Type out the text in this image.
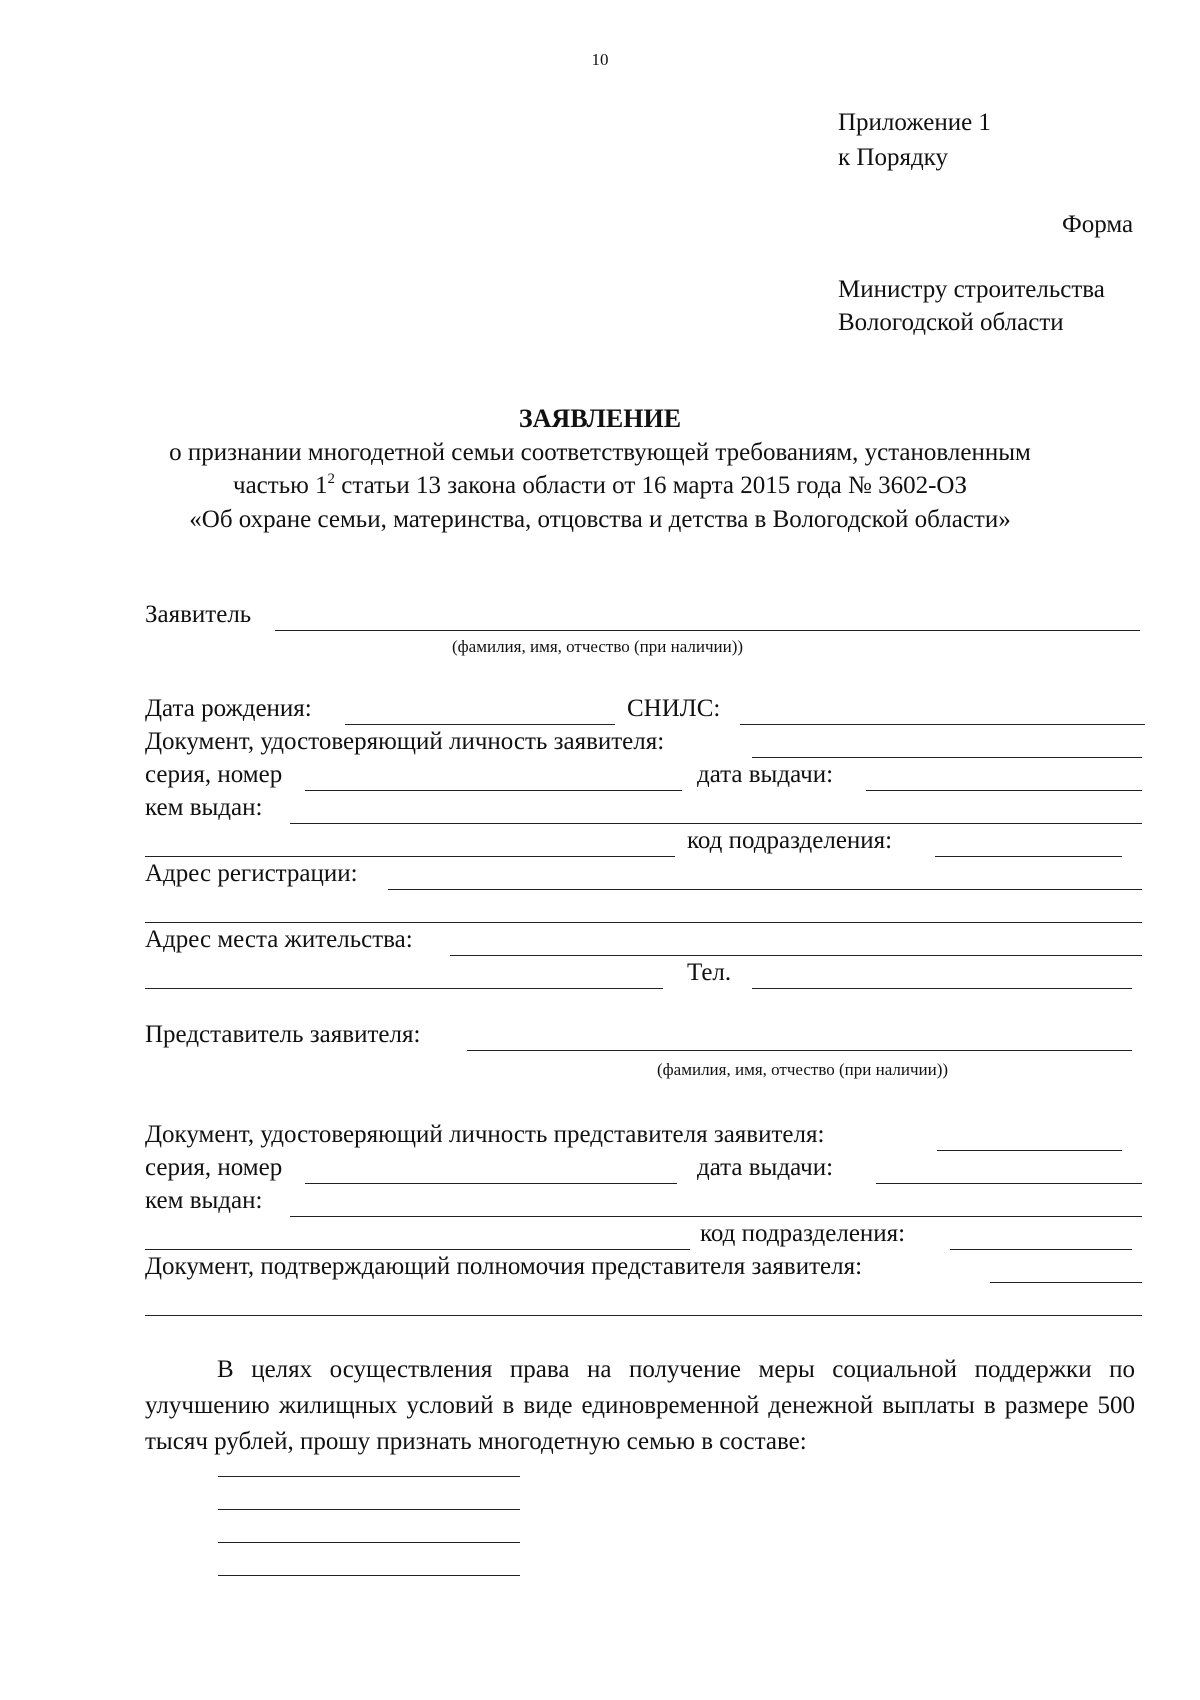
10
Приложение 1
к Порядку
Форма
Министру строительства
Вологодской области
ЗАЯВЛЕНИЕ
о признании многодетной семьи соответствующей требованиям, установленным
частью $1^2$ статьи 13 закона области от 16 марта 2015 года № 3602-ОЗ
«Об охране семьи, материнства, отцовства и детства в Вологодской области»
Заявитель
(фамилия, имя, отчество (при наличии))
Дата рождения:	СНИЛС:
Документ, удостоверяющий личность заявителя:
серия, номер	дата выдачи:
кем выдан:
код подразделения:
Адрес регистрации:
Адрес места жительства:
Тел.
Представитель заявителя:
(фамилия, имя, отчество (при наличии))
Документ, удостоверяющий личность представителя заявителя:
серия, номер	дата выдачи:
кем выдан:
код подразделения:
Документ, подтверждающий полномочия представителя заявителя:
В целях осуществления права на получение меры социальной поддержки по улучшению жилищных условий в виде единовременной денежной выплаты в размере 500 тысяч рублей, прошу признать многодетную семью в составе:
